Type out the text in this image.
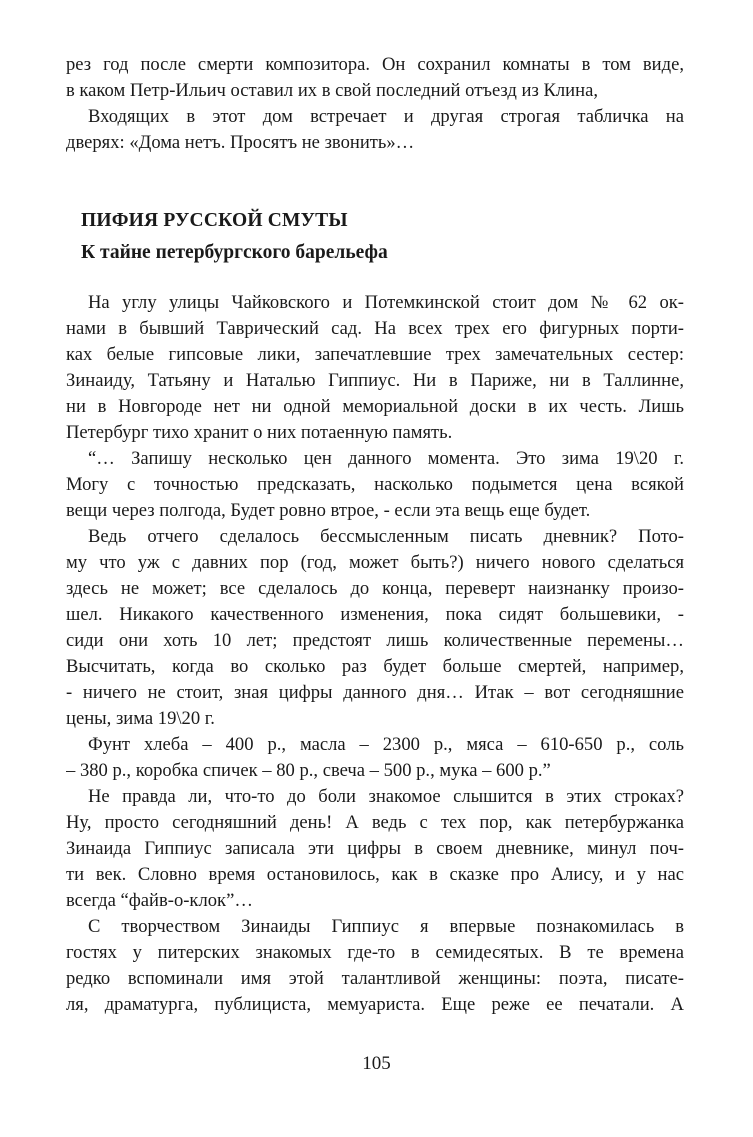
рез год после смерти композитора. Он сохранил комнаты в том виде,
в каком Петр-Ильич оставил их в свой последний отъезд из Клина,
Входящих в этот дом встречает и другая строгая табличка на
дверях: «Дома нетъ. Просятъ не звонить»…
ПИФИЯ РУССКОЙ СМУТЫ
К тайне петербургского барельефа
На углу улицы Чайковского и Потемкинской стоит дом № 62 ок-
нами в бывший Таврический сад. На всех трех его фигурных порти-
ках белые гипсовые лики, запечатлевшие трех замечательных сестер:
Зинаиду, Татьяну и Наталью Гиппиус. Ни в Париже, ни в Таллинне,
ни в Новгороде нет ни одной мемориальной доски в их честь. Лишь
Петербург тихо хранит о них потаенную память.
“… Запишу несколько цен данного момента. Это зима 19\20 г.
Могу с точностью предсказать, насколько подымется цена всякой
вещи через полгода, Будет ровно втрое, - если эта вещь еще будет.
Ведь отчего сделалось бессмысленным писать дневник? Пото-
му что уж с давних пор (год, может быть?) ничего нового сделаться
здесь не может; все сделалось до конца, переверт наизнанку произо-
шел. Никакого качественного изменения, пока сидят большевики, -
сиди они хоть 10 лет; предстоят лишь количественные перемены…
Высчитать, когда во сколько раз будет больше смертей, например,
- ничего не стоит, зная цифры данного дня… Итак – вот сегодняшние
цены, зима 19\20 г.
Фунт хлеба – 400 р., масла – 2300 р., мяса – 610-650 р., соль
– 380 р., коробка спичек – 80 р., свеча – 500 р., мука – 600 р.”
Не правда ли, что-то до боли знакомое слышится в этих строках?
Ну, просто сегодняшний день! А ведь с тех пор, как петербуржанка
Зинаида Гиппиус записала эти цифры в своем дневнике, минул поч-
ти век. Словно время остановилось, как в сказке про Алису, и у нас
всегда “файв-о-клок”…
С творчеством Зинаиды Гиппиус я впервые познакомилась в
гостях у питерских знакомых где-то в семидесятых. В те времена
редко вспоминали имя этой талантливой женщины: поэта, писате-
ля, драматурга, публициста, мемуариста. Еще реже ее печатали. А
105
